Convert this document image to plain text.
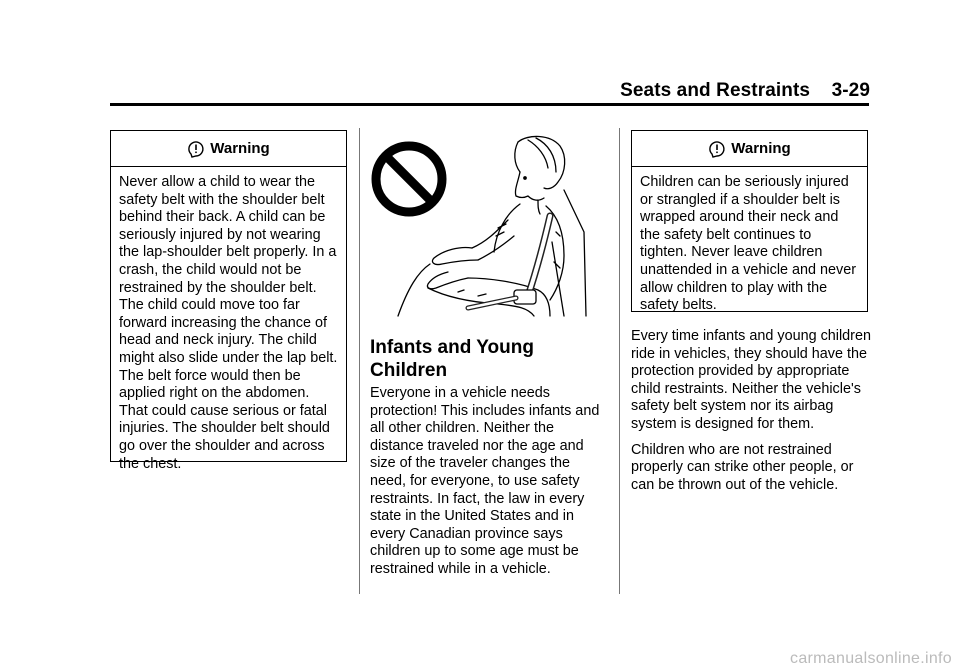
Seats and Restraints    3-29
Warning
Never allow a child to wear the safety belt with the shoulder belt behind their back. A child can be seriously injured by not wearing the lap-shoulder belt properly. In a crash, the child would not be restrained by the shoulder belt. The child could move too far forward increasing the chance of head and neck injury. The child might also slide under the lap belt. The belt force would then be applied right on the abdomen. That could cause serious or fatal injuries. The shoulder belt should go over the shoulder and across the chest.
Infants and Young Children
Everyone in a vehicle needs protection! This includes infants and all other children. Neither the distance traveled nor the age and size of the traveler changes the need, for everyone, to use safety restraints. In fact, the law in every state in the United States and in every Canadian province says children up to some age must be restrained while in a vehicle.
Warning
Children can be seriously injured or strangled if a shoulder belt is wrapped around their neck and the safety belt continues to tighten. Never leave children unattended in a vehicle and never allow children to play with the safety belts.

Every time infants and young children ride in vehicles, they should have the protection provided by appropriate child restraints. Neither the vehicle's safety belt system nor its airbag system is designed for them.

Children who are not restrained properly can strike other people, or can be thrown out of the vehicle.

carmanualsonline.info
